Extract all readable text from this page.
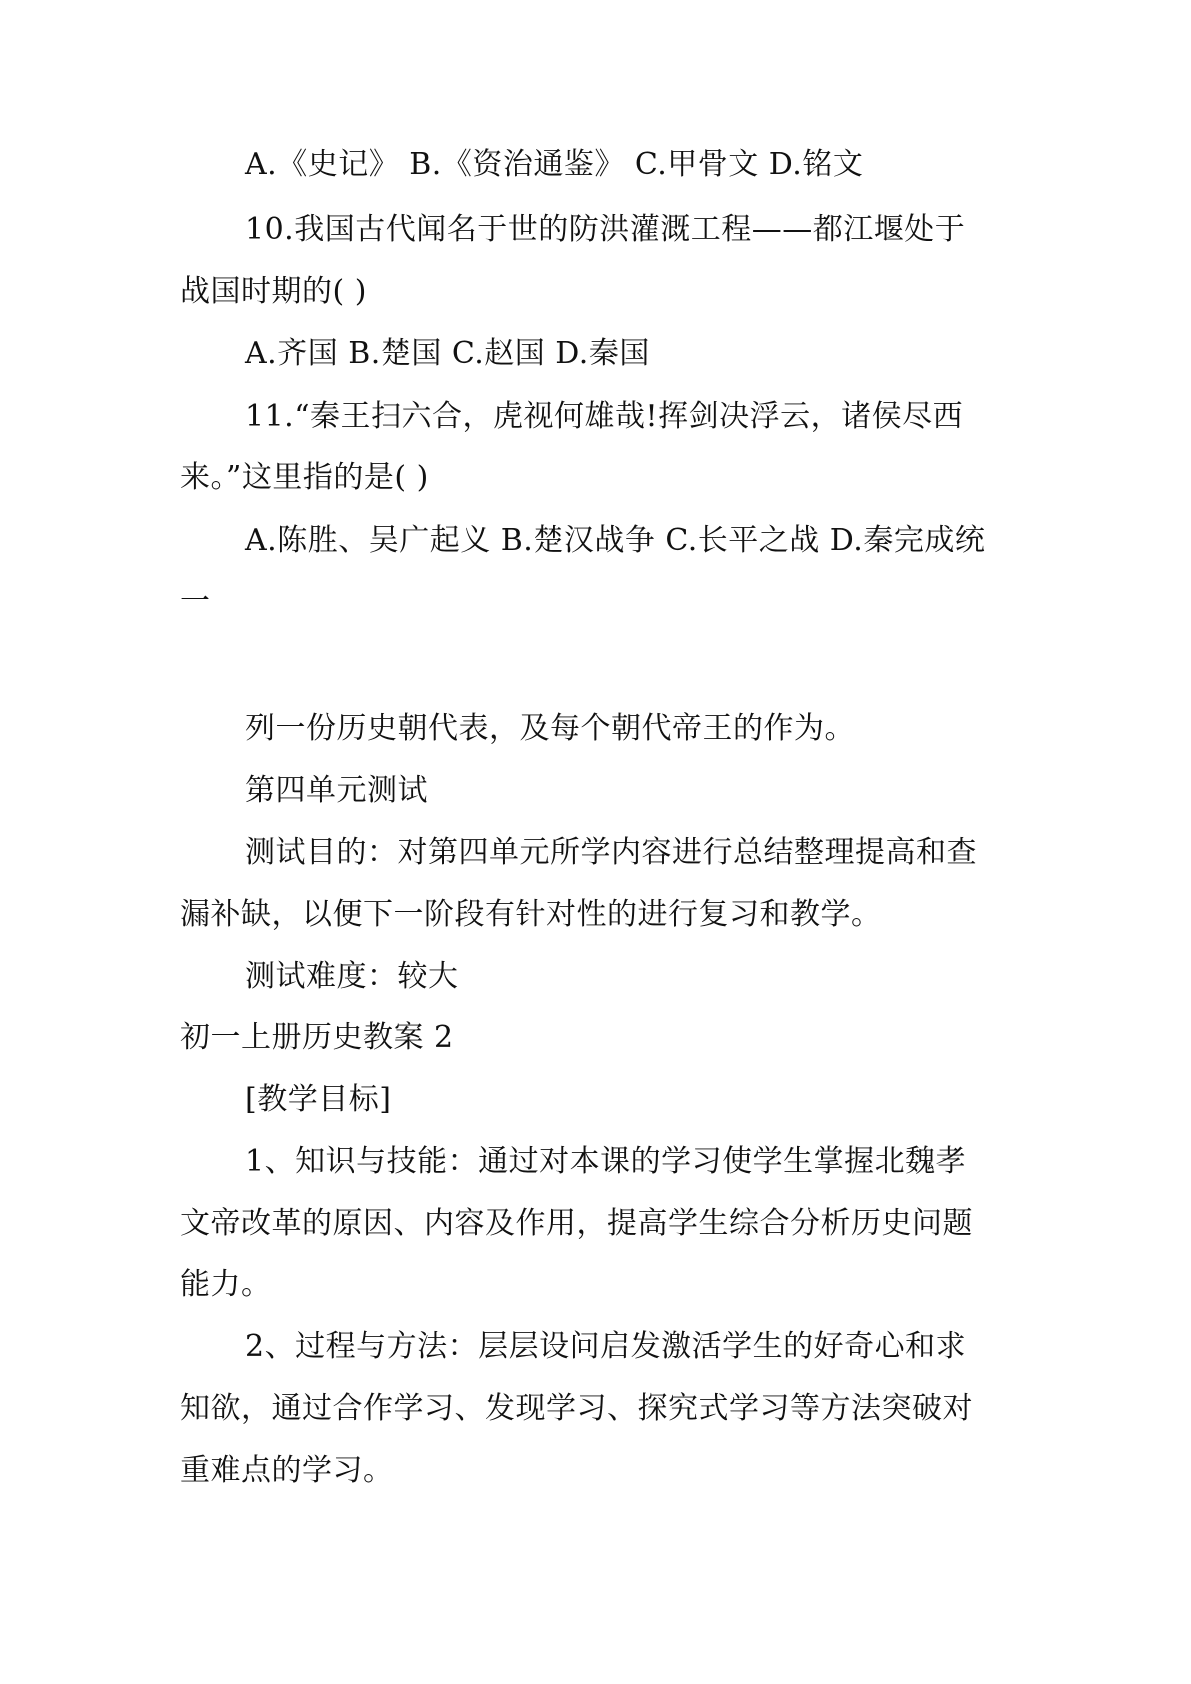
A.《史记》 B.《资治通鉴》 C.甲骨文 D.铭文
10.我国古代闻名于世的防洪灌溉工程——都江堰处于
战国时期的( )
A.齐国 B.楚国 C.赵国 D.秦国
11.“秦王扫六合，虎视何雄哉!挥剑决浮云，诸侯尽西
来。”这里指的是( )
A.陈胜、吴广起义 B.楚汉战争 C.长平之战 D.秦完成统
一
列一份历史朝代表，及每个朝代帝王的作为。
第四单元测试
测试目的：对第四单元所学内容进行总结整理提高和查
漏补缺，以便下一阶段有针对性的进行复习和教学。
测试难度：较大
初一上册历史教案 2
[教学目标]
1、知识与技能：通过对本课的学习使学生掌握北魏孝
文帝改革的原因、内容及作用，提高学生综合分析历史问题
能力。
2、过程与方法：层层设问启发激活学生的好奇心和求
知欲，通过合作学习、发现学习、探究式学习等方法突破对
重难点的学习。
